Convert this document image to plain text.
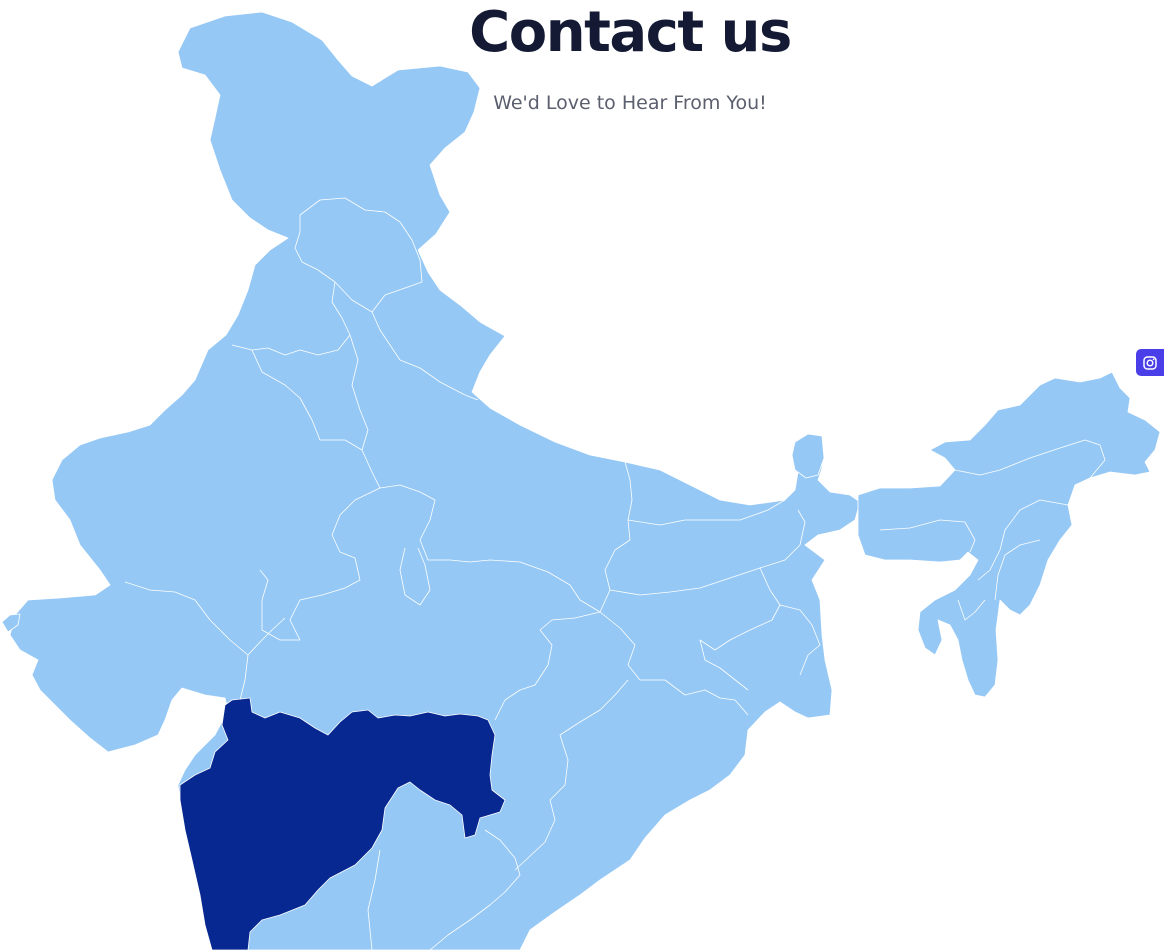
Contact us

We'd Love to Hear From You!
